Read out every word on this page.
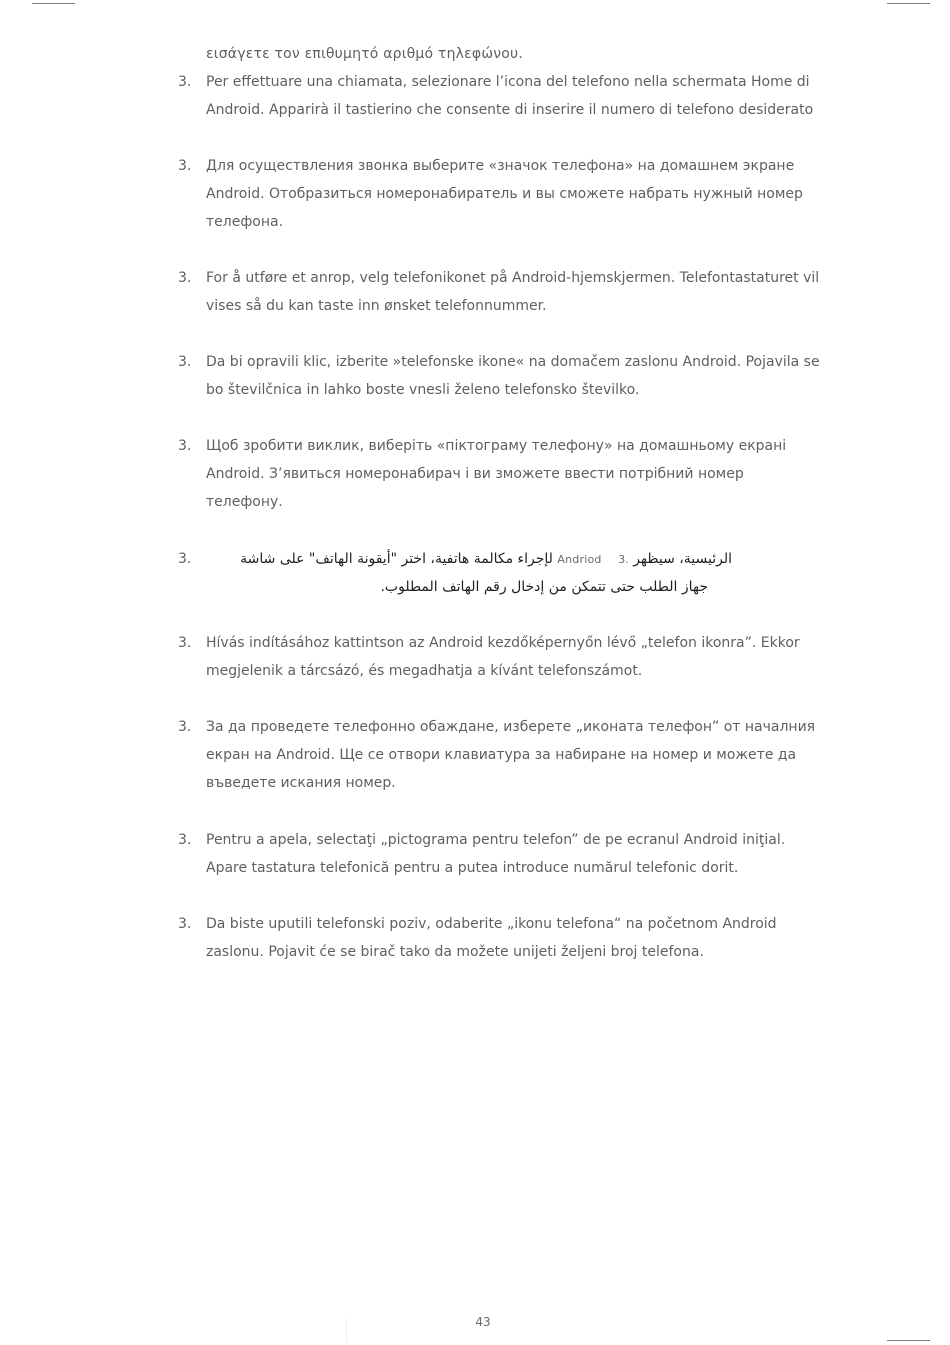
εισάγετε τον επιθυμητό αριθμό τηλεφώνου.
3. Per effettuare una chiamata, selezionare l’icona del telefono nella schermata Home di
Android. Apparirà il tastierino che consente di inserire il numero di telefono desiderato
3. Для осуществления звонка выберите «значок телефона» на домашнем экране
Android. Отобразиться номеронабиратель и вы сможете набрать нужный номер
телефона.
3. For å utføre et anrop, velg telefonikonet på Android-hjemskjermen. Telefontastaturet vil
vises så du kan taste inn ønsket telefonnummer.
3. Da bi opravili klic, izberite »telefonske ikone« na domačem zaslonu Android. Pojavila se
bo številčnica in lahko boste vnesli želeno telefonsko številko.
3. Щоб зробити виклик, виберіть «піктограму телефону» на домашньому екрані
Android. З’явиться номеронабирач і ви зможете ввести потрібний номер
телефону.
3.	لإجراء مكالمة هاتفية، اختر "أيقونة الهاتف" على شاشة Andriod الرئيسية، سيظهر .3
جهاز الطلب حتى تتمكن من إدخال رقم الهاتف المطلوب.
3. Hívás indításához kattintson az Android kezdőképernyőn lévő „telefon ikonra”. Ekkor
megjelenik a tárcsázó, és megadhatja a kívánt telefonszámot.
3. За да проведете телефонно обаждане, изберете „иконата телефон” от началния
екран на Android. Ще се отвори клавиатура за набиране на номер и можете да
въведете искания номер.
3. Pentru a apela, selectaţi „pictograma pentru telefon” de pe ecranul Android iniţial.
Apare tastatura telefonică pentru a putea introduce numărul telefonic dorit.
3. Da biste uputili telefonski poziv, odaberite „ikonu telefona“ na početnom Android
zaslonu. Pojavit će se birač tako da možete unijeti željeni broj telefona.
43
